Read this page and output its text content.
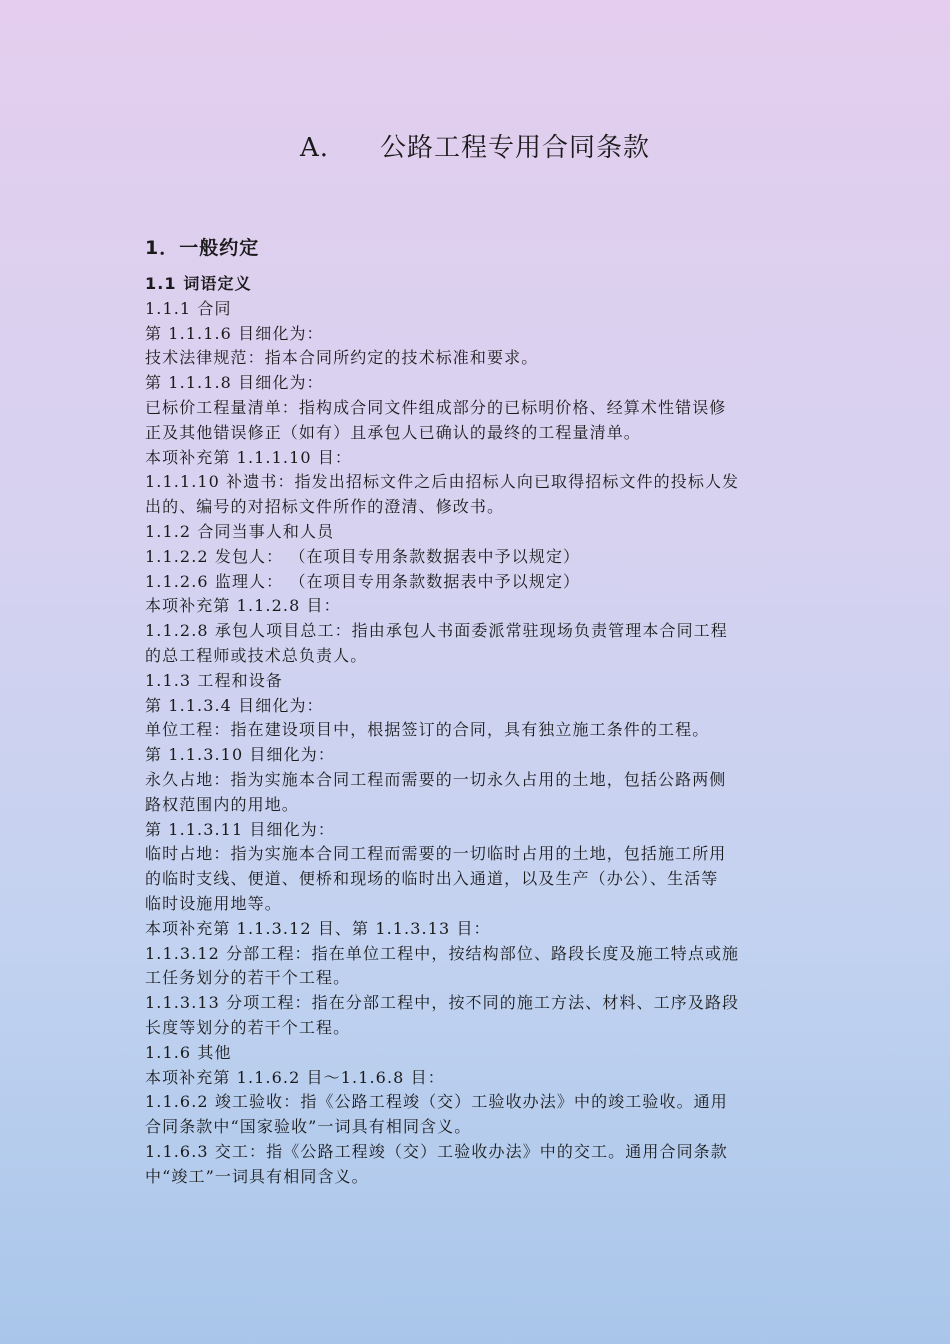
A. 公路工程专用合同条款
1．一般约定
1.1 词语定义
1.1.1 合同
第 1.1.1.6 目细化为：
技术法律规范：指本合同所约定的技术标准和要求。
第 1.1.1.8 目细化为：
已标价工程量清单：指构成合同文件组成部分的已标明价格、经算术性错误修
正及其他错误修正（如有）且承包人已确认的最终的工程量清单。
本项补充第 1.1.1.10 目：
1.1.1.10 补遗书：指发出招标文件之后由招标人向已取得招标文件的投标人发
出的、编号的对招标文件所作的澄清、修改书。
1.1.2 合同当事人和人员
1.1.2.2 发包人： （在项目专用条款数据表中予以规定）
1.1.2.6 监理人： （在项目专用条款数据表中予以规定）
本项补充第 1.1.2.8 目：
1.1.2.8 承包人项目总工：指由承包人书面委派常驻现场负责管理本合同工程
的总工程师或技术总负责人。
1.1.3 工程和设备
第 1.1.3.4 目细化为：
单位工程：指在建设项目中，根据签订的合同，具有独立施工条件的工程。
第 1.1.3.10 目细化为：
永久占地：指为实施本合同工程而需要的一切永久占用的土地，包括公路两侧
路权范围内的用地。
第 1.1.3.11 目细化为：
临时占地：指为实施本合同工程而需要的一切临时占用的土地，包括施工所用
的临时支线、便道、便桥和现场的临时出入通道，以及生产（办公）、生活等
临时设施用地等。
本项补充第 1.1.3.12 目、第 1.1.3.13 目：
1.1.3.12 分部工程：指在单位工程中，按结构部位、路段长度及施工特点或施
工任务划分的若干个工程。
1.1.3.13 分项工程：指在分部工程中，按不同的施工方法、材料、工序及路段
长度等划分的若干个工程。
1.1.6 其他
本项补充第 1.1.6.2 目～1.1.6.8 目：
1.1.6.2 竣工验收：指《公路工程竣（交）工验收办法》中的竣工验收。通用
合同条款中“国家验收”一词具有相同含义。
1.1.6.3 交工：指《公路工程竣（交）工验收办法》中的交工。通用合同条款
中“竣工”一词具有相同含义。
